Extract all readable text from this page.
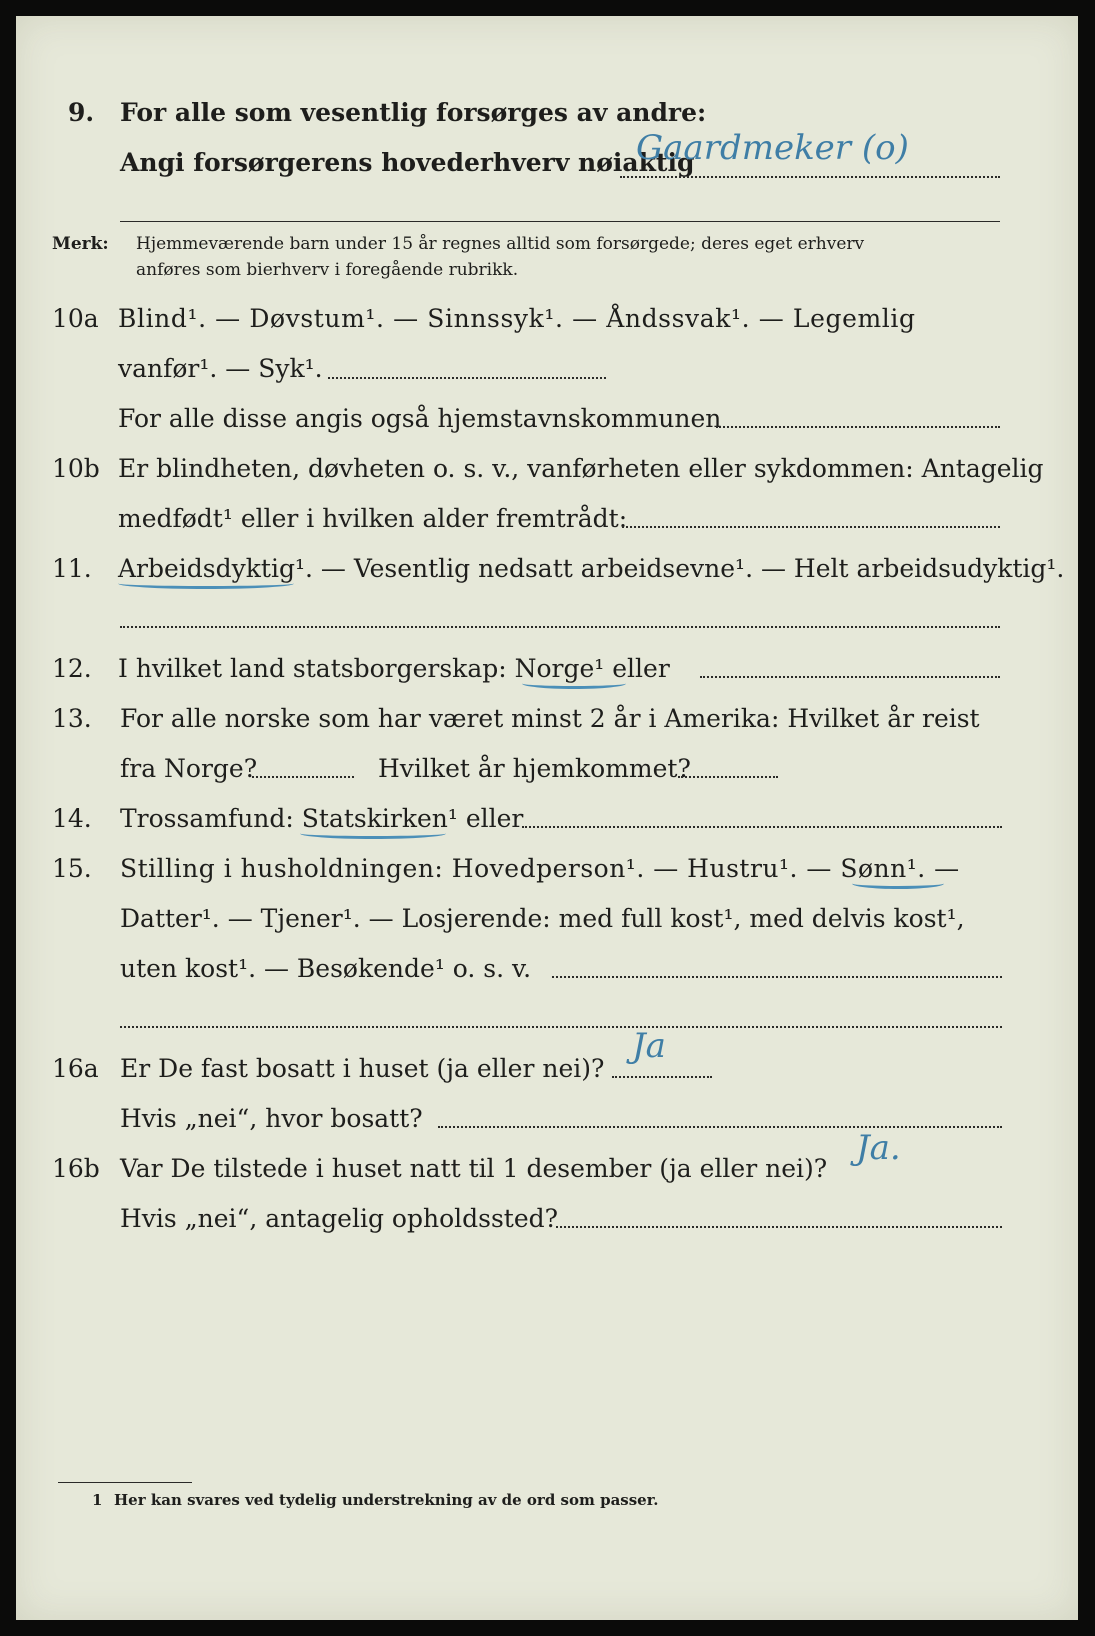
9. For alle som vesentlig forsørges av andre:
Angi forsørgerens hovederhverv nøiaktig
Gaardmeker (o)
Merk: Hjemmeværende barn under 15 år regnes alltid som forsørgede; deres eget erhverv
anføres som bierhverv i foregående rubrikk.
10a Blind¹. — Døvstum¹. — Sinnssyk¹. — Åndssvak¹. — Legemlig
vanfør¹. — Syk¹.
For alle disse angis også hjemstavnskommunen
10b Er blindheten, døvheten o. s. v., vanførheten eller sykdommen: Antagelig
medfødt¹ eller i hvilken alder fremtrådt:
11. Arbeidsdyktig¹. — Vesentlig nedsatt arbeidsevne¹. — Helt arbeidsudyktig¹.
12. I hvilket land statsborgerskap: Norge¹ eller
13. For alle norske som har været minst 2 år i Amerika: Hvilket år reist
fra Norge?	Hvilket år hjemkommet?
14. Trossamfund: Statskirken¹ eller
15. Stilling i husholdningen: Hovedperson¹. — Hustru¹. — Sønn¹. —
Datter¹. — Tjener¹. — Losjerende: med full kost¹, med delvis kost¹,
uten kost¹. — Besøkende¹ o. s. v.
16a Er De fast bosatt i huset (ja eller nei)?
Ja
Hvis „nei“, hvor bosatt?
16b Var De tilstede i huset natt til 1 desember (ja eller nei)?
Ja.
Hvis „nei“, antagelig opholdssted?
1 Her kan svares ved tydelig understrekning av de ord som passer.
